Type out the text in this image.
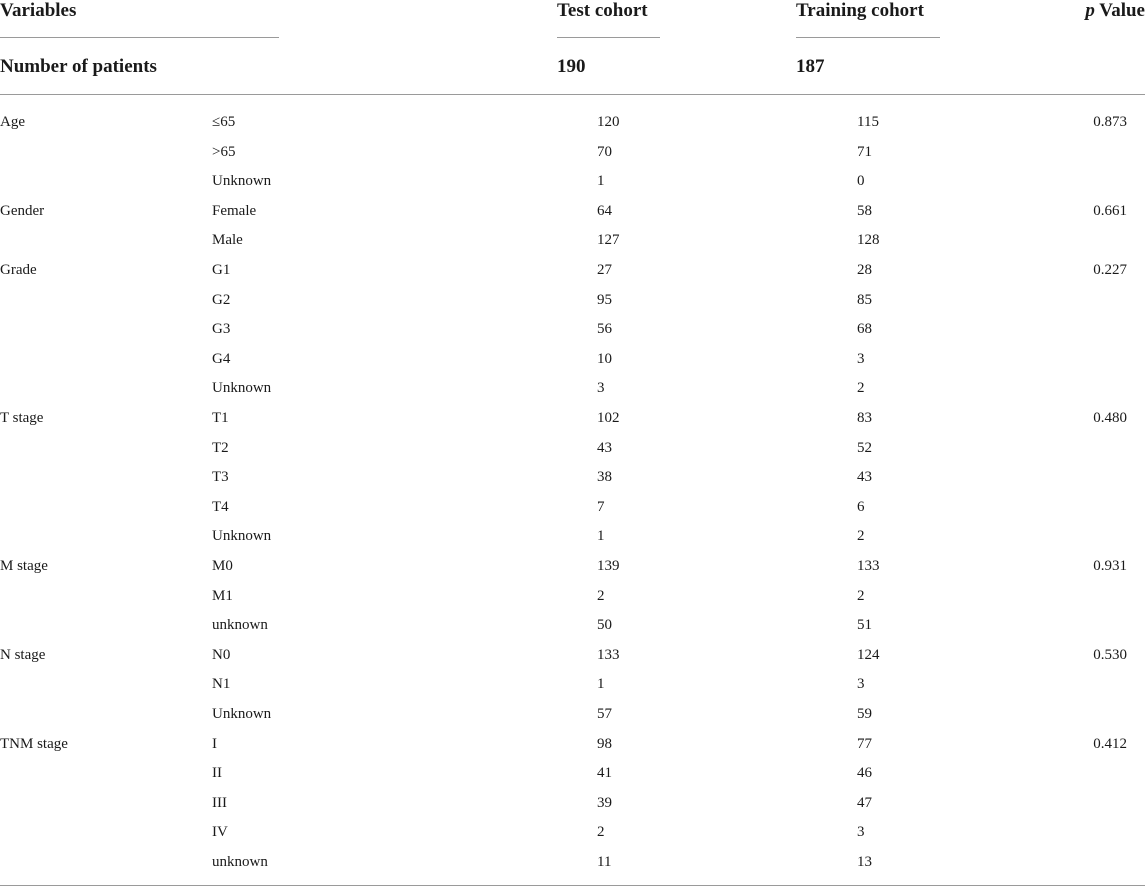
Variables	Test cohort	Training cohort	p Value
Number of patients	190	187
Age	≤65	120	115	0.873
>65	70	71
Unknown	1	0
Gender	Female	64	58	0.661
Male	127	128
Grade	G1	27	28	0.227
G2	95	85
G3	56	68
G4	10	3
Unknown	3	2
T stage	T1	102	83	0.480
T2	43	52
T3	38	43
T4	7	6
Unknown	1	2
M stage	M0	139	133	0.931
M1	2	2
unknown	50	51
N stage	N0	133	124	0.530
N1	1	3
Unknown	57	59
TNM stage	I	98	77	0.412
II	41	46
III	39	47
IV	2	3
unknown	11	13
